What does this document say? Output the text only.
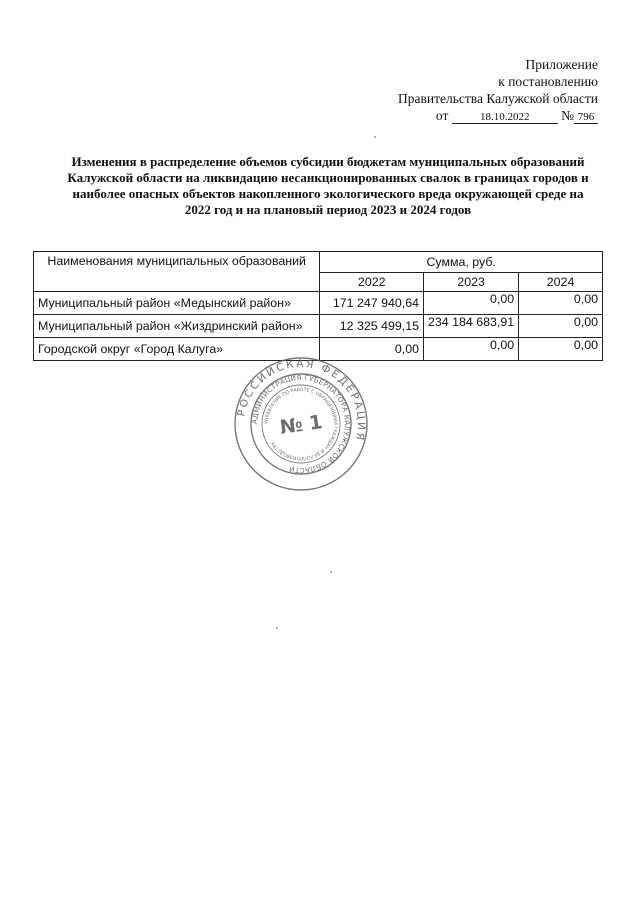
Приложение
к постановлению
Правительства Калужской области
от	18.10.2022 № 796
Изменения в распределение объемов субсидии бюджетам муниципальных образований Калужской области на ликвидацию несанкционированных свалок в границах городов и наиболее опасных объектов накопленного экологического вреда окружающей среде на 2022 год и на плановый период 2023 и 2024 годов
Наименования муниципальных образований	Сумма, руб.		
	2022	2023	2024
Муниципальный район «Медынский район»	171 247 940,64	0,00	0,00
Муниципальный район «Жиздринский район»	12 325 499,15	234 184 683,91	0,00
Городской округ «Город Калуга»	0,00	0,00	0,00
РОССИЙСКАЯ ФЕДЕРАЦИЯ
АДМИНИСТРАЦИЯ ГУБЕРНАТОРА КАЛУЖСКОЙ ОБЛАСТИ
УПРАВЛЕНИЕ ПО РАБОТЕ С ОБРАЩЕНИЯМИ ГРАЖДАН И ДЕЛОПРОИЗВОДСТВУ
№ 1
